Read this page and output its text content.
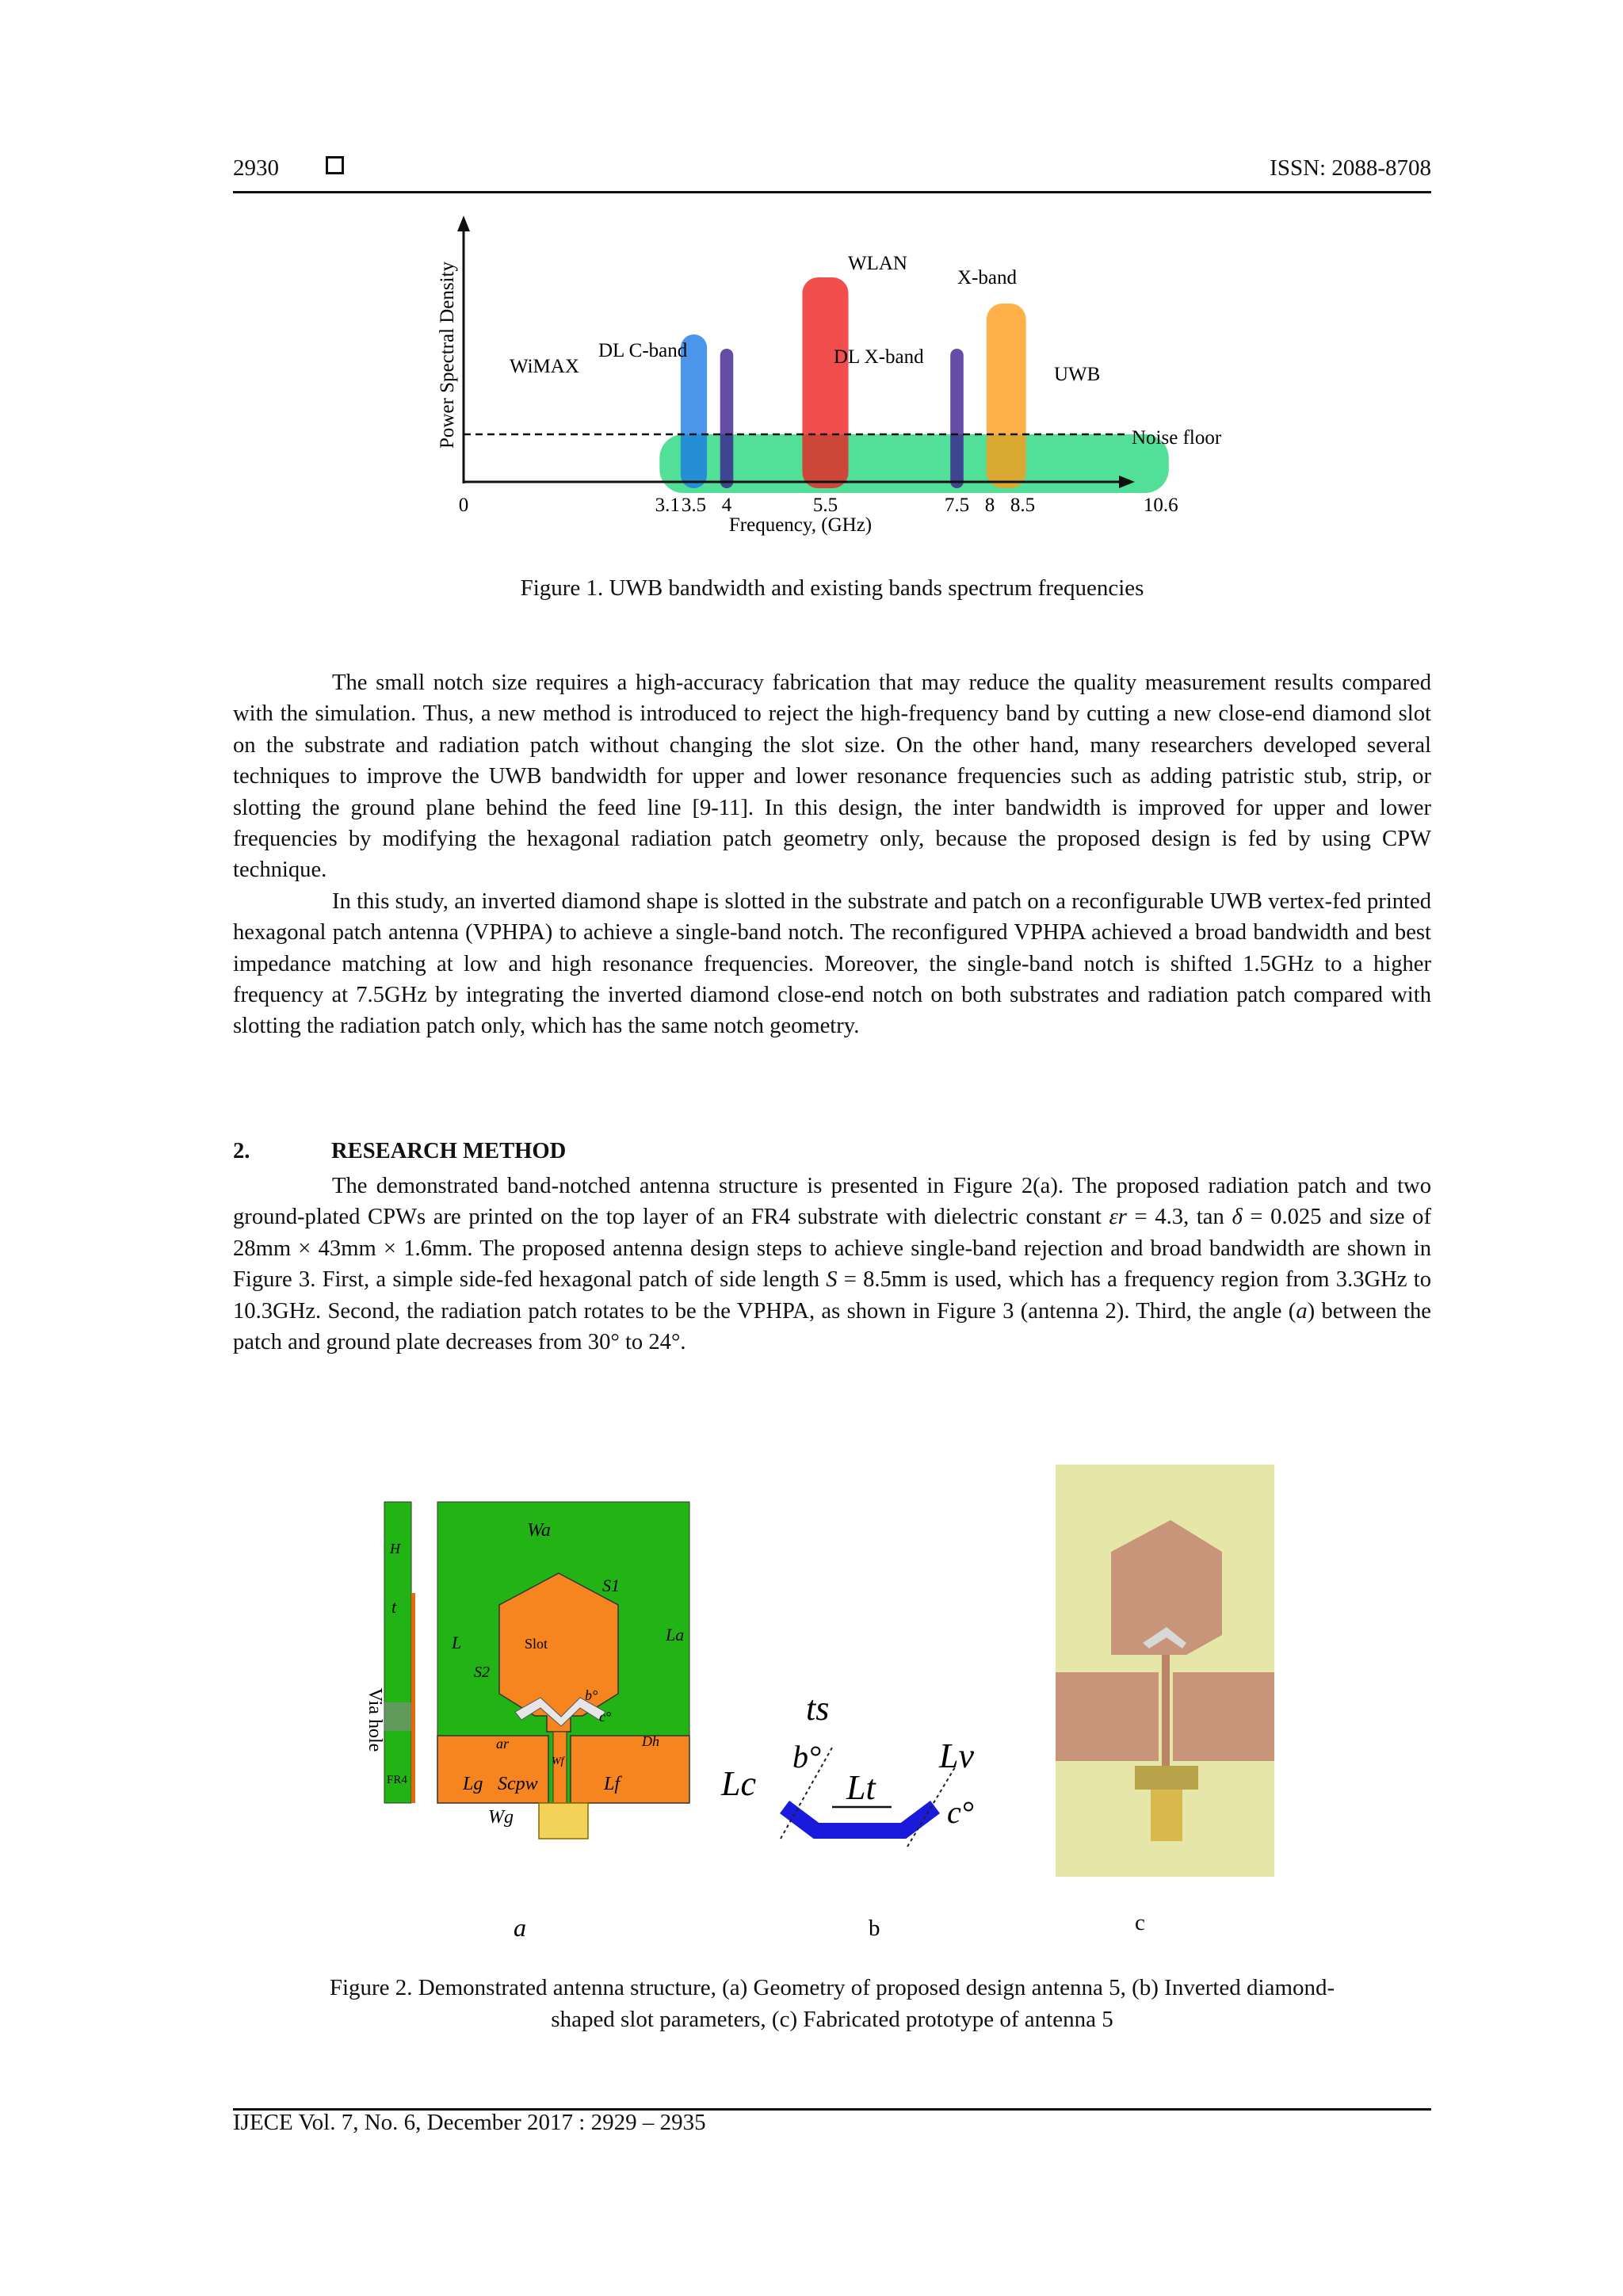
2930	ISSN: 2088-8708
Noise floor
0	3.1 3.5 4	5.5	7.5 8 8.5	10.6
Frequency, (GHz)
Power Spectral Density	UWB
WiMAX
DL C-band
WLAN
DL X-band
X-band
Figure 1. UWB bandwidth and existing bands spectrum frequencies

The small notch size requires a high-accuracy fabrication that may reduce the quality measurement results compared with the simulation. Thus, a new method is introduced to reject the high-frequency band by cutting a new close-end diamond slot on the substrate and radiation patch without changing the slot size. On the other hand, many researchers developed several techniques to improve the UWB bandwidth for upper and lower resonance frequencies such as adding patristic stub, strip, or slotting the ground plane behind the feed line [9-11]. In this design, the inter bandwidth is improved for upper and lower frequencies by modifying the hexagonal radiation patch geometry only, because the proposed design is fed by using CPW technique.

In this study, an inverted diamond shape is slotted in the substrate and patch on a reconfigurable UWB vertex-fed printed hexagonal patch antenna (VPHPA) to achieve a single-band notch. The reconfigured VPHPA achieved a broad bandwidth and best impedance matching at low and high resonance frequencies. Moreover, the single-band notch is shifted 1.5GHz to a higher frequency at 7.5GHz by integrating the inverted diamond close-end notch on both substrates and radiation patch compared with slotting the radiation patch only, which has the same notch geometry.

2.	RESEARCH METHOD

The demonstrated band-notched antenna structure is presented in Figure 2(a). The proposed radiation patch and two ground-plated CPWs are printed on the top layer of an FR4 substrate with dielectric constant εr = 4.3, tan δ = 0.025 and size of 28mm × 43mm × 1.6mm. The proposed antenna design steps to achieve single-band rejection and broad bandwidth are shown in Figure 3. First, a simple side-fed hexagonal patch of side length S = 8.5mm is used, which has a frequency region from 3.3GHz to 10.3GHz. Second, the radiation patch rotates to be the VPHPA, as shown in Figure 3 (antenna 2). Third, the angle (a) between the patch and ground plate decreases from 30° to 24°.

Wa
S1
La
L
S2
H
t
Via hole
FR4
Slot
b°
c°
ar	Dh
Wf
Lg Scpw	Lf
Wg
a
ts
b°	Lv
Lc	Lt
c°
b	c
Figure 2. Demonstrated antenna structure, (a) Geometry of proposed design antenna 5, (b) Inverted diamond-
shaped slot parameters, (c) Fabricated prototype of antenna 5
IJECE Vol. 7, No. 6, December 2017 : 2929 – 2935
